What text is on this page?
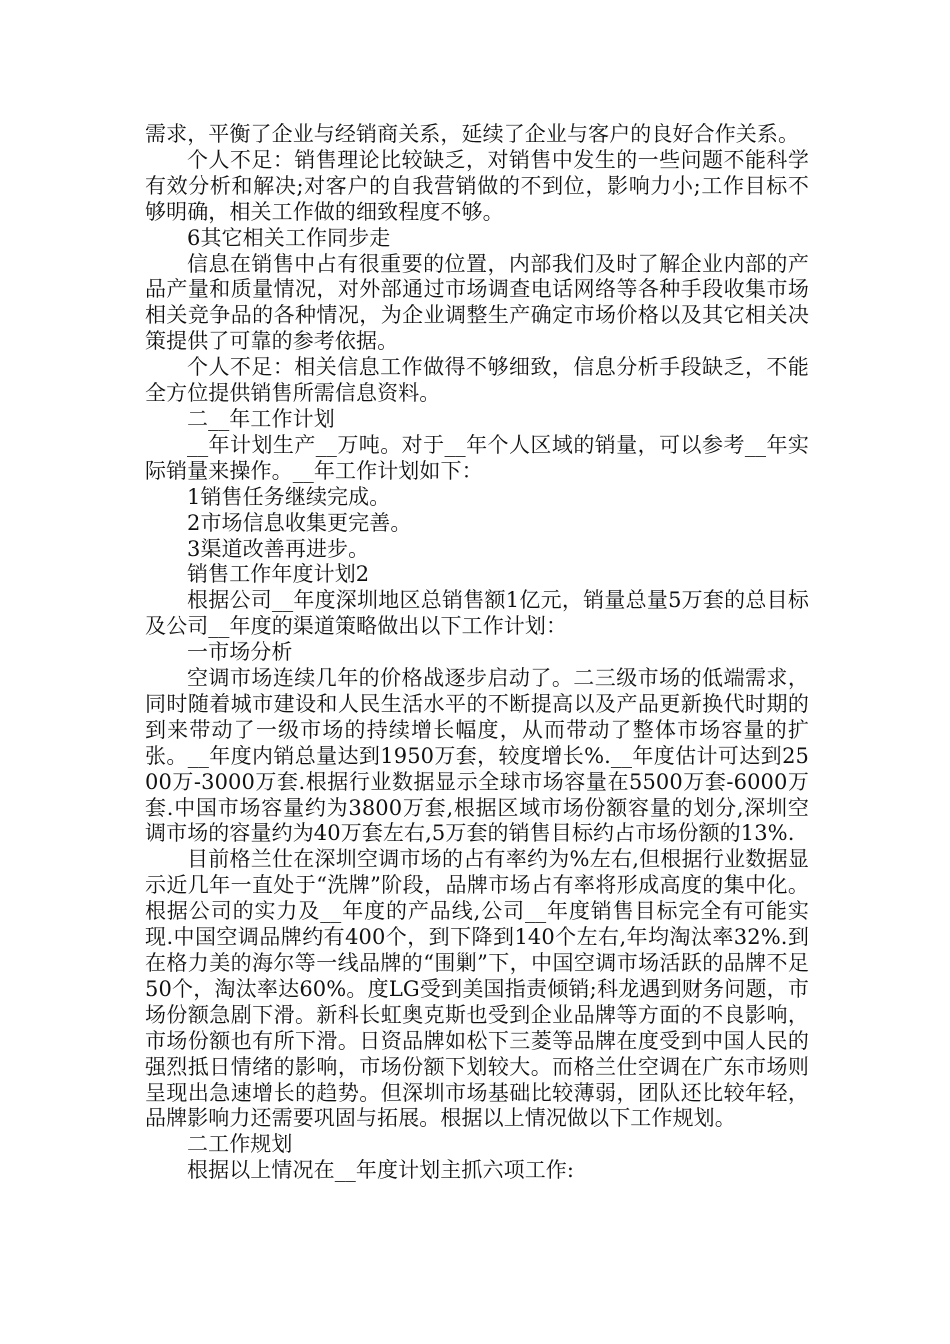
需求，平衡了企业与经销商关系，延续了企业与客户的良好合作关系。

个人不足：销售理论比较缺乏，对销售中发生的一些问题不能科学有效分析和解决;对客户的自我营销做的不到位，影响力小;工作目标不够明确，相关工作做的细致程度不够。

6其它相关工作同步走

信息在销售中占有很重要的位置，内部我们及时了解企业内部的产品产量和质量情况，对外部通过市场调查电话网络等各种手段收集市场相关竞争品的各种情况，为企业调整生产确定市场价格以及其它相关决策提供了可靠的参考依据。

个人不足：相关信息工作做得不够细致，信息分析手段缺乏，不能全方位提供销售所需信息资料。

二__年工作计划

__年计划生产__万吨。对于__年个人区域的销量，可以参考__年实际销量来操作。__年工作计划如下：

1销售任务继续完成。

2市场信息收集更完善。

3渠道改善再进步。

销售工作年度计划2

根据公司__年度深圳地区总销售额1亿元，销量总量5万套的总目标及公司__年度的渠道策略做出以下工作计划：

一市场分析

空调市场连续几年的价格战逐步启动了。二三级市场的低端需求，同时随着城市建设和人民生活水平的不断提高以及产品更新换代时期的到来带动了一级市场的持续增长幅度，从而带动了整体市场容量的扩张。__年度内销总量达到1950万套，较度增长%.__年度估计可达到2500万-3000万套.根据行业数据显示全球市场容量在5500万套-6000万套.中国市场容量约为3800万套,根据区域市场份额容量的划分,深圳空调市场的容量约为40万套左右,5万套的销售目标约占市场份额的13%.

目前格兰仕在深圳空调市场的占有率约为%左右,但根据行业数据显示近几年一直处于“洗牌”阶段，品牌市场占有率将形成高度的集中化。根据公司的实力及__年度的产品线,公司__年度销售目标完全有可能实现.中国空调品牌约有400个，到下降到140个左右,年均淘汰率32%.到在格力美的海尔等一线品牌的“围剿”下，中国空调市场活跃的品牌不足50个，淘汰率达60%。度LG受到美国指责倾销;科龙遇到财务问题，市场份额急剧下滑。新科长虹奥克斯也受到企业品牌等方面的不良影响，市场份额也有所下滑。日资品牌如松下三菱等品牌在度受到中国人民的强烈抵日情绪的影响，市场份额下划较大。而格兰仕空调在广东市场则呈现出急速增长的趋势。但深圳市场基础比较薄弱，团队还比较年轻，品牌影响力还需要巩固与拓展。根据以上情况做以下工作规划。

二工作规划

根据以上情况在__年度计划主抓六项工作:
